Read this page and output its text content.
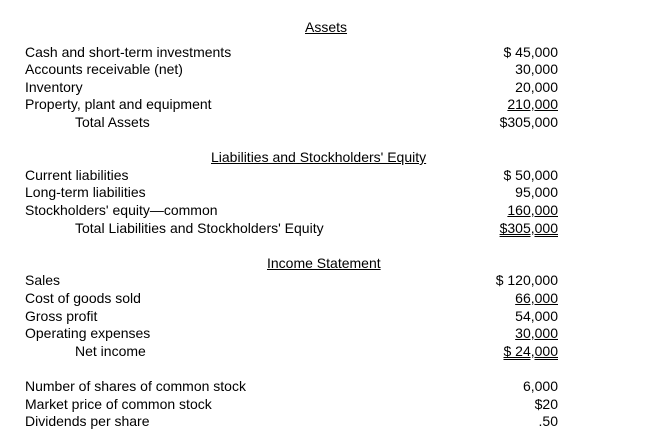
Assets
Cash and short-term investments	$ 45,000
Accounts receivable (net)	30,000
Inventory	20,000
Property, plant and equipment	210,000
Total Assets	$305,000
Liabilities and Stockholders' Equity
Current liabilities	$ 50,000
Long-term liabilities	95,000
Stockholders' equity—common	160,000
Total Liabilities and Stockholders' Equity	$305,000
Income Statement
Sales	$ 120,000
Cost of goods sold	66,000
Gross profit	54,000
Operating expenses	30,000
Net income	$ 24,000
Number of shares of common stock	6,000
Market price of common stock	$20
Dividends per share	.50
